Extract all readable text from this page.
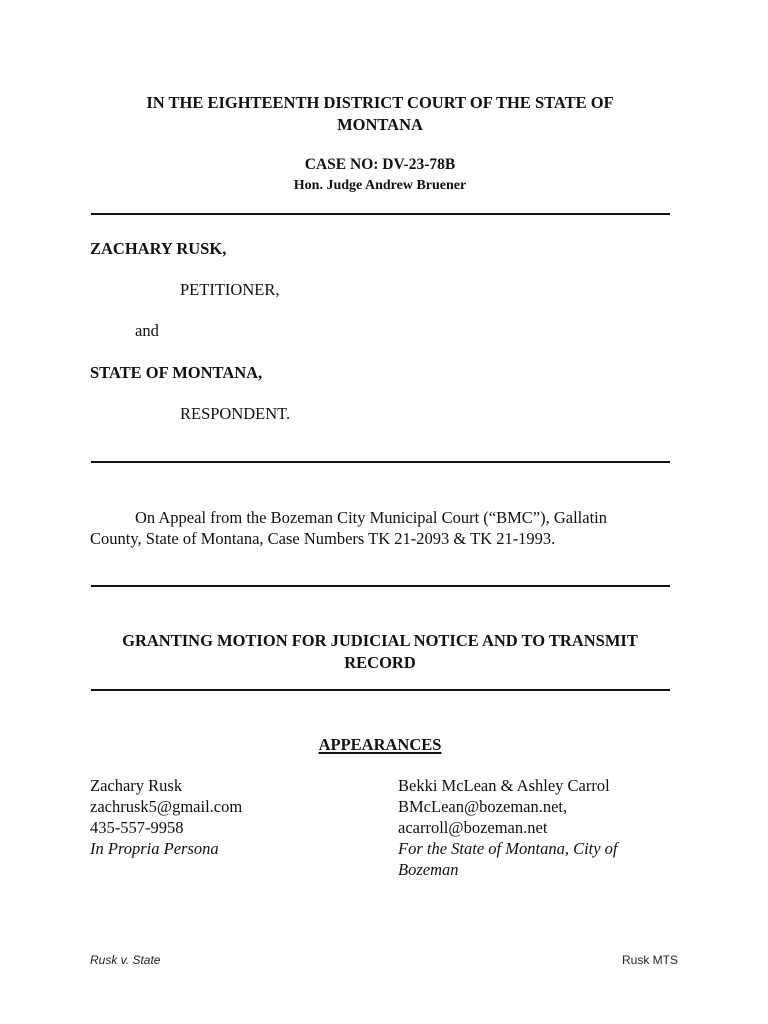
IN THE EIGHTEENTH DISTRICT COURT OF THE STATE OF
MONTANA
CASE NO: DV-23-78B
Hon. Judge Andrew Bruener
ZACHARY RUSK,
PETITIONER,
and
STATE OF MONTANA,
RESPONDENT.
On Appeal from the Bozeman City Municipal Court (“BMC”), Gallatin
County, State of Montana, Case Numbers TK 21-2093 & TK 21-1993.
GRANTING MOTION FOR JUDICIAL NOTICE AND TO TRANSMIT
RECORD
APPEARANCES
Zachary Rusk
zachrusk5@gmail.com
435-557-9958
In Propria Persona
Bekki McLean & Ashley Carrol
BMcLean@bozeman.net,
acarroll@bozeman.net
For the State of Montana, City of Bozeman
Rusk v. State	Rusk MTS
